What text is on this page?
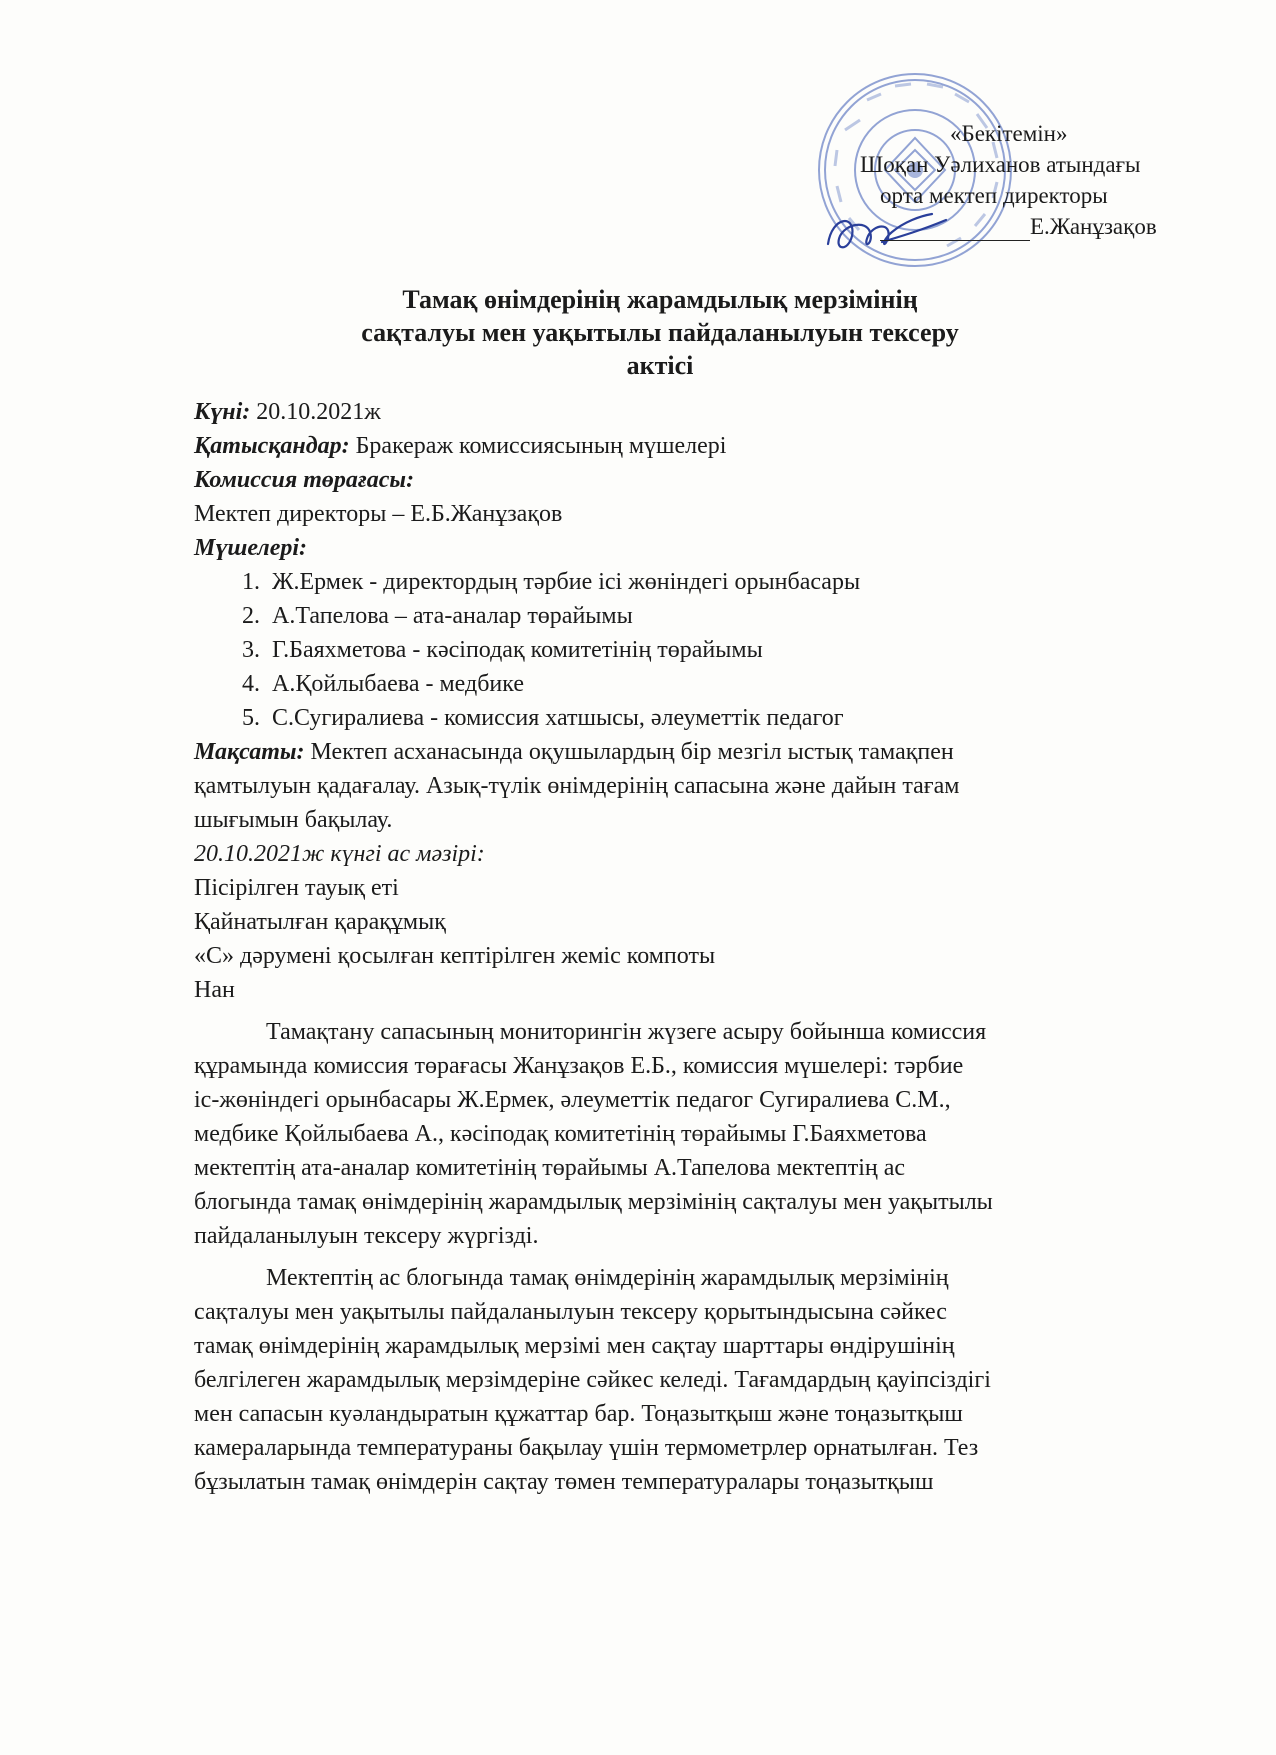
«Бекітемін»
Шоқан Уәлиханов атындағы
орта мектеп директоры
Е.Жанұзақов
Тамақ өнімдерінің жарамдылық мерзімінің
сақталуы мен уақытылы пайдаланылуын тексеру
актісі
Күні: 20.10.2021ж
Қатысқандар: Бракераж комиссиясының мүшелері
Комиссия төрағасы:
Мектеп директоры – Е.Б.Жанұзақов
Мүшелері:
1. Ж.Ермек - директордың тәрбие ісі жөніндегі орынбасары
2. А.Тапелова – ата-аналар төрайымы
3. Г.Баяхметова - кәсіподақ комитетінің төрайымы
4. А.Қойлыбаева - медбике
5. С.Сугиралиева - комиссия хатшысы, әлеуметтік педагог
Мақсаты: Мектеп асханасында оқушылардың бір мезгіл ыстық тамақпен
қамтылуын қадағалау. Азық-түлік өнімдерінің сапасына және дайын тағам
шығымын бақылау.
20.10.2021ж күнгі ас мәзірі:
Пісірілген тауық еті
Қайнатылған қарақұмық
«С» дәрумені қосылған кептірілген жеміс компоты
Нан
Тамақтану сапасының мониторингін жүзеге асыру бойынша комиссия
құрамында комиссия төрағасы Жанұзақов Е.Б., комиссия мүшелері: тәрбие
іс-жөніндегі орынбасары Ж.Ермек, әлеуметтік педагог Сугиралиева С.М.,
медбике Қойлыбаева А., кәсіподақ комитетінің төрайымы Г.Баяхметова
мектептің ата-аналар комитетінің төрайымы А.Тапелова мектептің ас
блогында тамақ өнімдерінің жарамдылық мерзімінің сақталуы мен уақытылы
пайдаланылуын тексеру жүргізді.
Мектептің ас блогында тамақ өнімдерінің жарамдылық мерзімінің
сақталуы мен уақытылы пайдаланылуын тексеру қорытындысына сәйкес
тамақ өнімдерінің жарамдылық мерзімі мен сақтау шарттары өндірушінің
белгілеген жарамдылық мерзімдеріне сәйкес келеді. Тағамдардың қауіпсіздігі
мен сапасын куәландыратын құжаттар бар. Тоңазытқыш және тоңазытқыш
камераларында температураны бақылау үшін термометрлер орнатылған. Тез
бұзылатын тамақ өнімдерін сақтау төмен температуралары тоңазытқыш
